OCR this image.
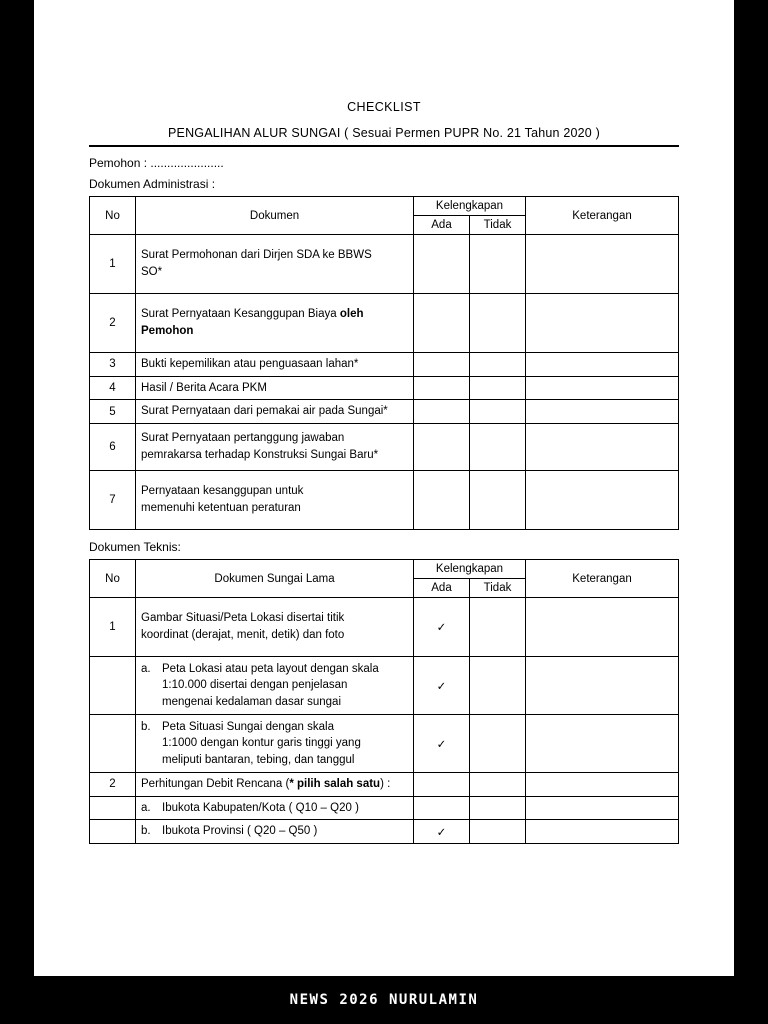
CHECKLIST
PENGALIHAN ALUR SUNGAI ( Sesuai Permen PUPR No. 21 Tahun 2020 )

Pemohon : ......................

Dokumen Administrasi :

No	Dokumen	Kelengkapan		Keterangan
		Ada	Tidak	
1	Surat Permohonan dari Dirjen SDA ke BBWS
SO*			

2	Surat Pernyataan Kesanggupan Biaya oleh
Pemohon			

3	Bukti kepemilikan atau penguasaan lahan*			
4	Hasil / Berita Acara PKM			
5	Surat Pernyataan dari pemakai air pada Sungai*			
6	Surat Pernyataan pertanggung jawaban
pemrakarsa terhadap Konstruksi Sungai Baru*			

7	Pernyataan kesanggupan untuk
memenuhi ketentuan peraturan			

Dokumen Teknis:

No	Dokumen Sungai Lama	Kelengkapan		Keterangan
		Ada	Tidak	
1	Gambar Situasi/Peta Lokasi disertai titik
koordinat (derajat, menit, detik) dan foto	✓		

	a. Peta Lokasi atau peta layout dengan skala
1:10.000 disertai dengan penjelasan
mengenai kedalaman dasar sungai	✓		

	b. Peta Situasi Sungai dengan skala
1:1000 dengan kontur garis tinggi yang
meliputi bantaran, tebing, dan tanggul	✓		
2	Perhitungan Debit Rencana (* pilih salah satu) :			

	a. Ibukota Kabupaten/Kota ( Q10 – Q20 )			

	b. Ibukota Provinsi ( Q20 – Q50 )	✓		
NEWS 2026 NURULAMIN
